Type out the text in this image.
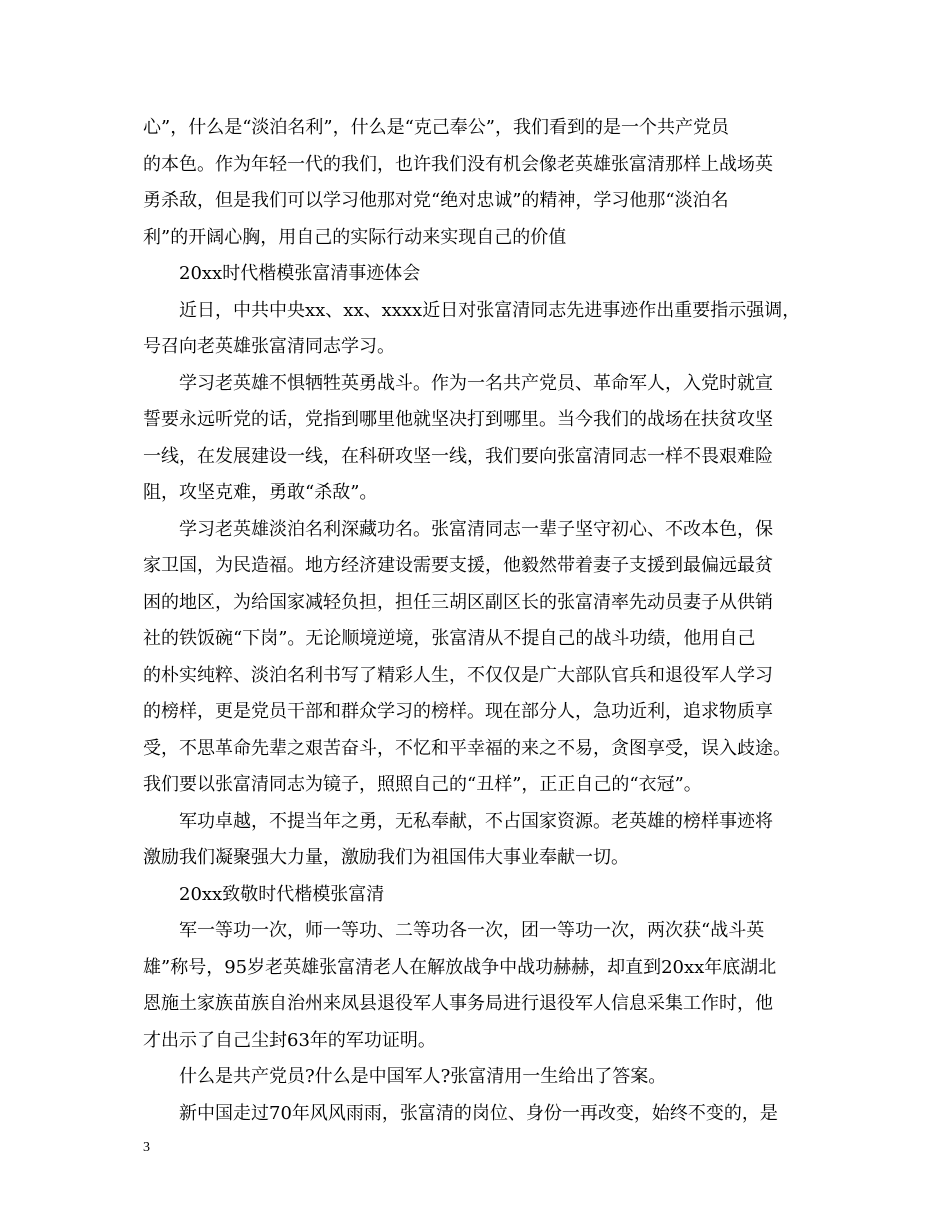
心”，什么是“淡泊名利”，什么是“克己奉公”，我们看到的是一个共产党员
的本色。作为年轻一代的我们，也许我们没有机会像老英雄张富清那样上战场英
勇杀敌，但是我们可以学习他那对党“绝对忠诚”的精神，学习他那“淡泊名
利”的开阔心胸，用自己的实际行动来实现自己的价值
20xx时代楷模张富清事迹体会
近日，中共中央xx、xx、xxxx近日对张富清同志先进事迹作出重要指示强调，
号召向老英雄张富清同志学习。
学习老英雄不惧牺牲英勇战斗。作为一名共产党员、革命军人，入党时就宣
誓要永远听党的话，党指到哪里他就坚决打到哪里。当今我们的战场在扶贫攻坚
一线，在发展建设一线，在科研攻坚一线，我们要向张富清同志一样不畏艰难险
阻，攻坚克难，勇敢“杀敌”。
学习老英雄淡泊名利深藏功名。张富清同志一辈子坚守初心、不改本色，保
家卫国，为民造福。地方经济建设需要支援，他毅然带着妻子支援到最偏远最贫
困的地区，为给国家减轻负担，担任三胡区副区长的张富清率先动员妻子从供销
社的铁饭碗“下岗”。无论顺境逆境，张富清从不提自己的战斗功绩，他用自己
的朴实纯粹、淡泊名利书写了精彩人生，不仅仅是广大部队官兵和退役军人学习
的榜样，更是党员干部和群众学习的榜样。现在部分人，急功近利，追求物质享
受，不思革命先辈之艰苦奋斗，不忆和平幸福的来之不易，贪图享受，误入歧途。
我们要以张富清同志为镜子，照照自己的“丑样”，正正自己的“衣冠”。
军功卓越，不提当年之勇，无私奉献，不占国家资源。老英雄的榜样事迹将
激励我们凝聚强大力量，激励我们为祖国伟大事业奉献一切。
20xx致敬时代楷模张富清
军一等功一次，师一等功、二等功各一次，团一等功一次，两次获“战斗英
雄”称号，95岁老英雄张富清老人在解放战争中战功赫赫，却直到20xx年底湖北
恩施土家族苗族自治州来凤县退役军人事务局进行退役军人信息采集工作时，他
才出示了自己尘封63年的军功证明。
什么是共产党员?什么是中国军人?张富清用一生给出了答案。
新中国走过70年风风雨雨，张富清的岗位、身份一再改变，始终不变的，是
3
